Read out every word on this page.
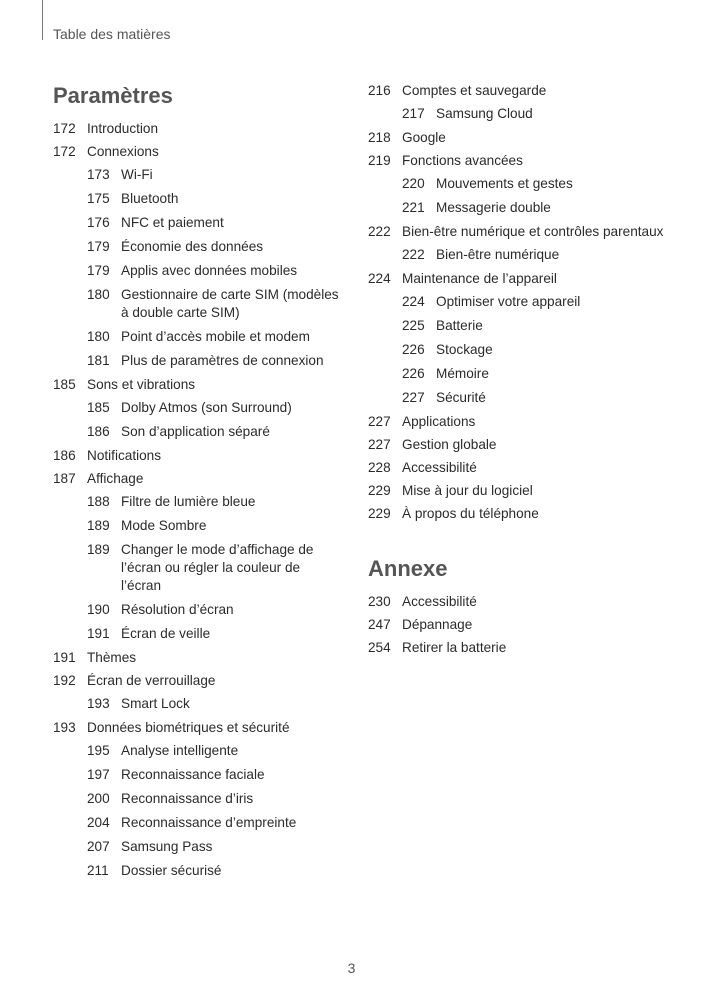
Table des matières
Paramètres
172 Introduction
172 Connexions
173 Wi-Fi
175 Bluetooth
176 NFC et paiement
179 Économie des données
179 Applis avec données mobiles
180 Gestionnaire de carte SIM (modèles à double carte SIM)
180 Point d’accès mobile et modem
181 Plus de paramètres de connexion
185 Sons et vibrations
185 Dolby Atmos (son Surround)
186 Son d’application séparé
186 Notifications
187 Affichage
188 Filtre de lumière bleue
189 Mode Sombre
189 Changer le mode d’affichage de l’écran ou régler la couleur de l’écran
190 Résolution d’écran
191 Écran de veille
191 Thèmes
192 Écran de verrouillage
193 Smart Lock
193 Données biométriques et sécurité
195 Analyse intelligente
197 Reconnaissance faciale
200 Reconnaissance d’iris
204 Reconnaissance d’empreinte
207 Samsung Pass
211 Dossier sécurisé
216 Comptes et sauvegarde
217 Samsung Cloud
218 Google
219 Fonctions avancées
220 Mouvements et gestes
221 Messagerie double
222 Bien-être numérique et contrôles parentaux
222 Bien-être numérique
224 Maintenance de l’appareil
224 Optimiser votre appareil
225 Batterie
226 Stockage
226 Mémoire
227 Sécurité
227 Applications
227 Gestion globale
228 Accessibilité
229 Mise à jour du logiciel
229 À propos du téléphone
Annexe
230 Accessibilité
247 Dépannage
254 Retirer la batterie
3
